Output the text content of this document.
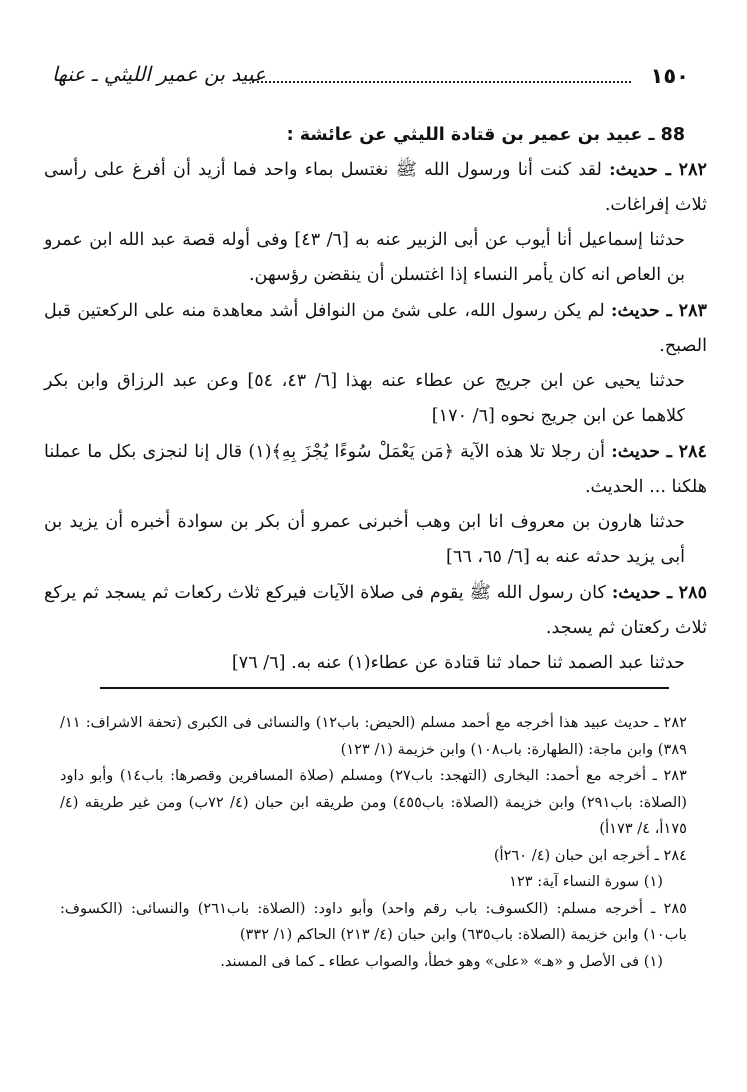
١٥٠
عبيد بن عمير الليثي ـ عنها
88 ـ عبيد بن عمير بن قتادة الليثي عن عائشة :

٢٨٢ ـ حديث: لقد كنت أنا ورسول الله ﷺ نغتسل بماء واحد فما أزيد أن أفرغ على رأسى ثلاث إفراغات.

حدثنا إسماعيل أنا أيوب عن أبى الزبير عنه به [٦/ ٤٣] وفى أوله قصة عبد الله ابن عمرو بن العاص انه كان يأمر النساء إذا اغتسلن أن ينقضن رؤسهن.

٢٨٣ ـ حديث: لم يكن رسول الله، على شئ من النوافل أشد معاهدة منه على الركعتين قبل الصبح.

حدثنا يحيى عن ابن جريج عن عطاء عنه بهذا [٦/ ٤٣، ٥٤] وعن عبد الرزاق وابن بكر كلاهما عن ابن جريج نحوه [٦/ ١٧٠]

٢٨٤ ـ حديث: أن رجلا تلا هذه الآية ﴿مَن يَعْمَلْ سُوءًا يُجْزَ بِهِ﴾(١) قال إنا لنجزى بكل ما عملنا هلكنا ... الحديث.

حدثنا هارون بن معروف انا ابن وهب أخبرنى عمرو أن بكر بن سوادة أخبره أن يزيد بن أبى يزيد حدثه عنه به [٦/ ٦٥، ٦٦]

٢٨٥ ـ حديث: كان رسول الله ﷺ يقوم فى صلاة الآيات فيركع ثلاث ركعات ثم يسجد ثم يركع ثلاث ركعتان ثم يسجد.

حدثنا عبد الصمد ثنا حماد ثنا قتادة عن عطاء(١) عنه به. [٦/ ٧٦]

٢٨٢ ـ حديث عبيد هذا أخرجه مع أحمد مسلم (الحيض: باب١٢) والنسائى فى الكبرى (تحفة الاشراف: ١١/ ٣٨٩) وابن ماجة: (الطهارة: باب١٠٨) وابن خزيمة (١/ ١٢٣)

٢٨٣ ـ أخرجه مع أحمد: البخارى (التهجد: باب٢٧) ومسلم (صلاة المسافرين وقصرها: باب١٤) وأبو داود (الصلاة: باب٢٩١) وابن خزيمة (الصلاة: باب٤٥٥) ومن طريقه ابن حبان (٤/ ٧٢ب) ومن غير طريقه (٤/ ١٧٥أ، ٤/ ١٧٣أ)

٢٨٤ ـ أخرجه ابن حبان (٤/ ٢٦٠أ)

(١) سورة النساء آية: ١٢٣

٢٨٥ ـ أخرجه مسلم: (الكسوف: باب رقم واحد) وأبو داود: (الصلاة: باب٢٦١) والنسائى: (الكسوف: باب١٠) وابن خزيمة (الصلاة: باب٦٣٥) وابن حبان (٤/ ٢١٣) الحاكم (١/ ٣٣٢)

(١) فى الأصل و «هـ» «على» وهو خطأ، والصواب عطاء ـ كما فى المسند.
